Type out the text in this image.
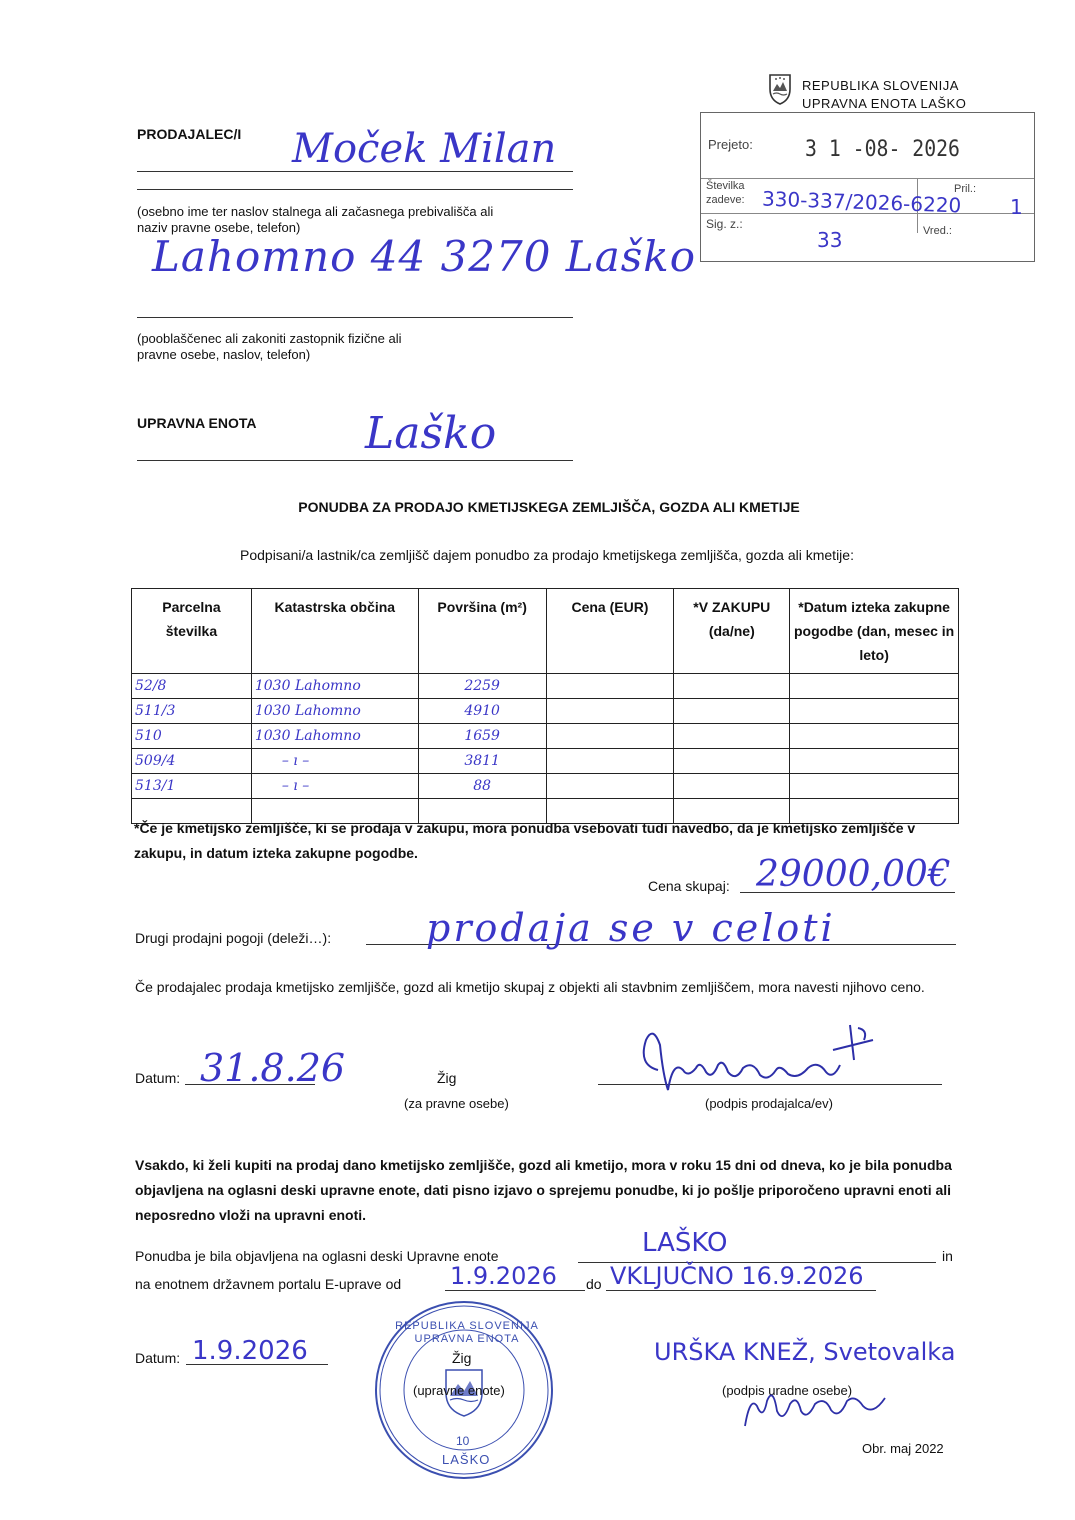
REPUBLIKA SLOVENIJA
UPRAVNA ENOTA LAŠKO
Prejeto: 3 1 -08- 2026
Številka
zadeve:
Pril.:
Sig. z.:	Vred.:
330-337/2026-6220 1
33
PRODAJALEC/I Moček Milan
(osebno ime ter naslov stalnega ali začasnega prebivališča ali
naziv pravne osebe, telefon)
Lahomno 44 3270 Laško
(pooblaščenec ali zakoniti zastopnik fizične ali
pravne osebe, naslov, telefon)
UPRAVNA ENOTA Laško
PONUDBA ZA PRODAJO KMETIJSKEGA ZEMLJIŠČA, GOZDA ALI KMETIJE
Podpisani/a lastnik/ca zemljišč dajem ponudbo za prodajo kmetijskega zemljišča, gozda ali kmetije:
Parcelna številka	Katastrska občina	Površina (m²)	Cena (EUR)	*V ZAKUPU (da/ne)	*Datum izteka zakupne pogodbe (dan, mesec in leto)
52/8	1030 Lahomno	2259			
511/3	1030 Lahomno	4910			
510	1030 Lahomno	1659			
509/4	– ı –	3811			
513/1	– ı –	88			

*Če je kmetijsko zemljišče, ki se prodaja v zakupu, mora ponudba vsebovati tudi navedbo, da je kmetijsko zemljišče v zakupu, in datum izteka zakupne pogodbe.
Cena skupaj: 29000,00€
Drugi prodajni pogoji (deleži…): prodaja se v celoti
Če prodajalec prodaja kmetijsko zemljišče, gozd ali kmetijo skupaj z objekti ali stavbnim zemljiščem, mora navesti njihovo ceno.
Datum: 31.8.26	Žig
(za pravne osebe)	(podpis prodajalca/ev)
Vsakdo, ki želi kupiti na prodaj dano kmetijsko zemljišče, gozd ali kmetijo, mora v roku 15 dni od dneva, ko je bila ponudba objavljena na oglasni deski upravne enote, dati pisno izjavo o sprejemu ponudbe, ki jo pošlje priporočeno upravni enoti ali neposredno vloži na upravni enoti.
Ponudba je bila objavljena na oglasni deski Upravne enote	LAŠKO	in
na enotnem državnem portalu E-uprave od 1.9.2026 do VKLJUČNO 16.9.2026
Datum: 1.9.2026
REPUBLIKA SLOVENIJA UPRAVNA ENOTA
10
LAŠKO
Žig
(upravne enote)
URŠKA KNEŽ, Svetovalka
(podpis uradne osebe)
Obr. maj 2022
